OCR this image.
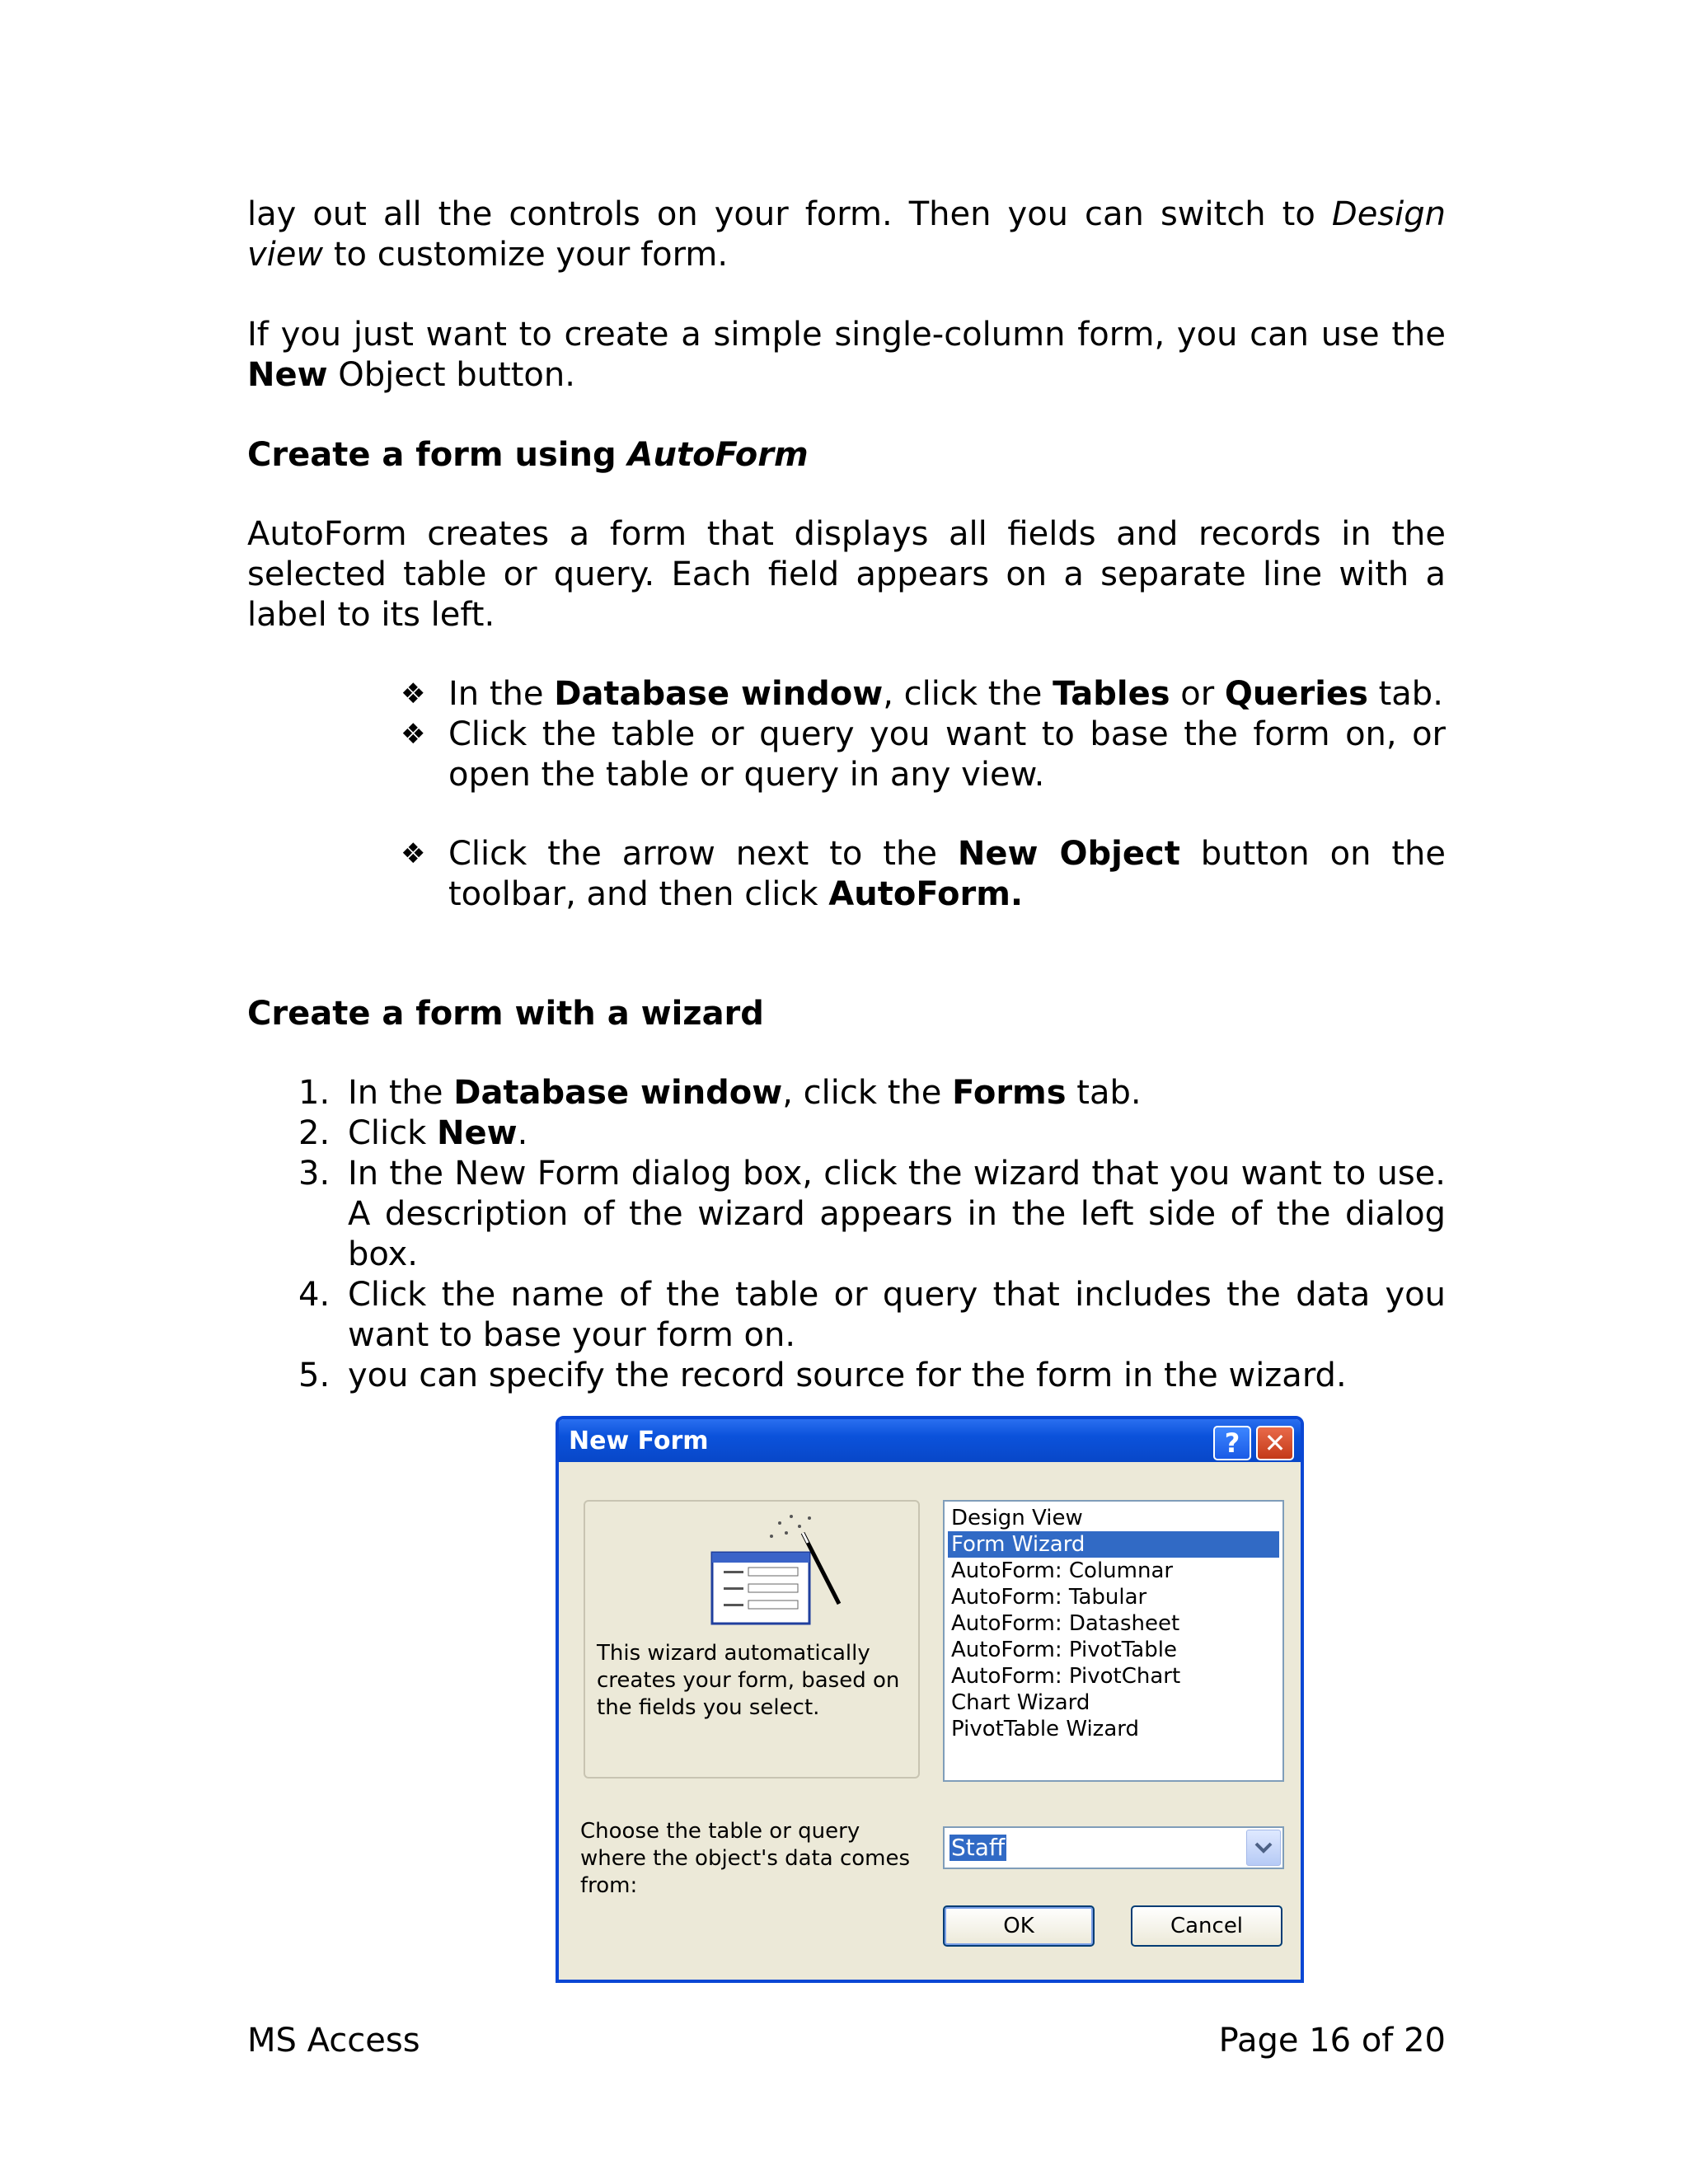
lay out all the controls on your form. Then you can switch to Design view to customize your form.

If you just want to create a simple single-column form, you can use the New Object button.

Create a form using AutoForm

AutoForm creates a form that displays all fields and records in the selected table or query. Each field appears on a separate line with a label to its left.

❖ In the Database window, click the Tables or Queries tab.
❖ Click the table or query you want to base the form on, or open the table or query in any view.
❖ Click the arrow next to the New Object button on the toolbar, and then click AutoForm.
Create a form with a wizard
1. In the Database window, click the Forms tab.
2. Click New.
3. In the New Form dialog box, click the wizard that you want to use. A description of the wizard appears in the left side of the dialog box.
4. Click the name of the table or query that includes the data you want to base your form on.
5. you can specify the record source for the form in the wizard.
New Form	? ✕
This wizard automatically creates your form, based on the fields you select.
Design View
Form Wizard
AutoForm: Columnar
AutoForm: Tabular
AutoForm: Datasheet
AutoForm: PivotTable
AutoForm: PivotChart
Chart Wizard
PivotTable Wizard
Choose the table or query where the object's data comes from:
Staff
OK	Cancel
MS Access	Page 16 of 20
